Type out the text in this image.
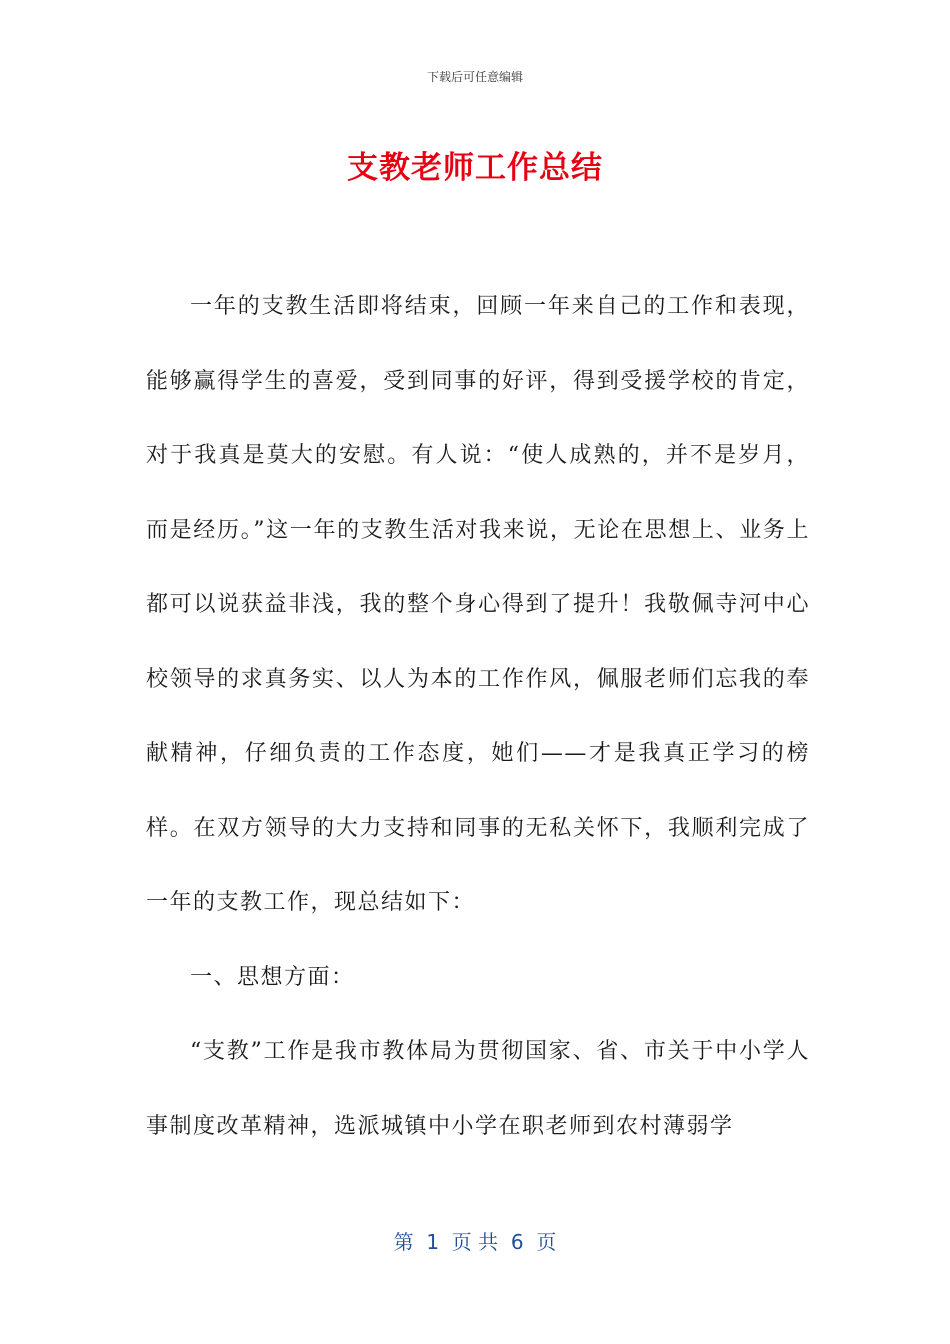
下载后可任意编辑
支教老师工作总结

一年的支教生活即将结束，回顾一年来自己的工作和表现，能够赢得学生的喜爱，受到同事的好评，得到受援学校的肯定，对于我真是莫大的安慰。有人说：“使人成熟的，并不是岁月，而是经历。”这一年的支教生活对我来说，无论在思想上、业务上都可以说获益非浅，我的整个身心得到了提升！我敬佩寺河中心校领导的求真务实、以人为本的工作作风，佩服老师们忘我的奉献精神，仔细负责的工作态度，她们——才是我真正学习的榜样。在双方领导的大力支持和同事的无私关怀下，我顺利完成了一年的支教工作，现总结如下：

一、思想方面：

“支教”工作是我市教体局为贯彻国家、省、市关于中小学人事制度改革精神，选派城镇中小学在职老师到农村薄弱学

第  1  页 共  6  页
